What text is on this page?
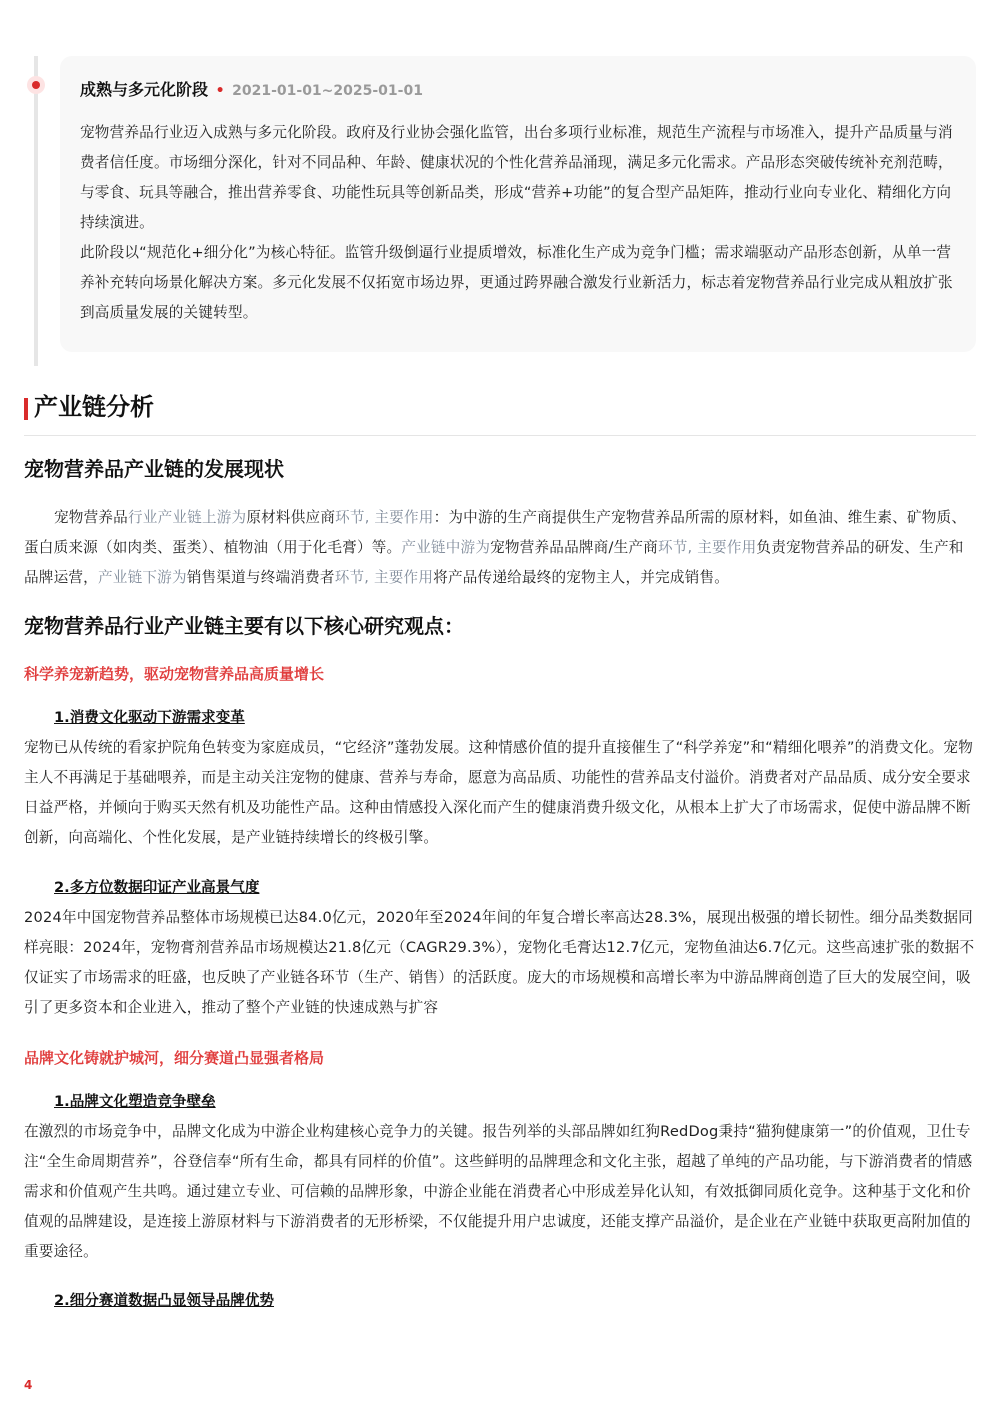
成熟与多元化阶段 • 2021-01-01~2025-01-01

宠物营养品行业迈入成熟与多元化阶段。政府及行业协会强化监管，出台多项行业标准，规范生产流程与市场准入，提升产品质量与消费者信任度。市场细分深化，针对不同品种、年龄、健康状况的个性化营养品涌现，满足多元化需求。产品形态突破传统补充剂范畴，与零食、玩具等融合，推出营养零食、功能性玩具等创新品类，形成“营养+功能”的复合型产品矩阵，推动行业向专业化、精细化方向持续演进。

此阶段以“规范化+细分化”为核心特征。监管升级倒逼行业提质增效，标准化生产成为竞争门槛；需求端驱动产品形态创新，从单一营养补充转向场景化解决方案。多元化发展不仅拓宽市场边界，更通过跨界融合激发行业新活力，标志着宠物营养品行业完成从粗放扩张到高质量发展的关键转型。

产业链分析
宠物营养品产业链的发展现状

宠物营养品行业产业链上游为原材料供应商环节, 主要作用：为中游的生产商提供生产宠物营养品所需的原材料，如鱼油、维生素、矿物质、蛋白质来源（如肉类、蛋类）、植物油（用于化毛膏）等。产业链中游为宠物营养品品牌商/生产商环节, 主要作用负责宠物营养品的研发、生产和品牌运营，产业链下游为销售渠道与终端消费者环节, 主要作用将产品传递给最终的宠物主人，并完成销售。

宠物营养品行业产业链主要有以下核心研究观点：
科学养宠新趋势，驱动宠物营养品高质量增长
1.消费文化驱动下游需求变革

宠物已从传统的看家护院角色转变为家庭成员，“它经济”蓬勃发展。这种情感价值的提升直接催生了“科学养宠”和“精细化喂养”的消费文化。宠物主人不再满足于基础喂养，而是主动关注宠物的健康、营养与寿命，愿意为高品质、功能性的营养品支付溢价。消费者对产品品质、成分安全要求日益严格，并倾向于购买天然有机及功能性产品。这种由情感投入深化而产生的健康消费升级文化，从根本上扩大了市场需求，促使中游品牌不断创新，向高端化、个性化发展，是产业链持续增长的终极引擎。

2.多方位数据印证产业高景气度

2024年中国宠物营养品整体市场规模已达84.0亿元，2020年至2024年间的年复合增长率高达28.3%，展现出极强的增长韧性。细分品类数据同样亮眼：2024年，宠物膏剂营养品市场规模达21.8亿元（CAGR29.3%），宠物化毛膏达12.7亿元，宠物鱼油达6.7亿元。这些高速扩张的数据不仅证实了市场需求的旺盛，也反映了产业链各环节（生产、销售）的活跃度。庞大的市场规模和高增长率为中游品牌商创造了巨大的发展空间，吸引了更多资本和企业进入，推动了整个产业链的快速成熟与扩容

品牌文化铸就护城河，细分赛道凸显强者格局
1.品牌文化塑造竞争壁垒

在激烈的市场竞争中，品牌文化成为中游企业构建核心竞争力的关键。报告列举的头部品牌如红狗RedDog秉持“猫狗健康第一”的价值观，卫仕专注“全生命周期营养”，谷登信奉“所有生命，都具有同样的价值”。这些鲜明的品牌理念和文化主张，超越了单纯的产品功能，与下游消费者的情感需求和价值观产生共鸣。通过建立专业、可信赖的品牌形象，中游企业能在消费者心中形成差异化认知，有效抵御同质化竞争。这种基于文化和价值观的品牌建设，是连接上游原材料与下游消费者的无形桥梁，不仅能提升用户忠诚度，还能支撑产品溢价，是企业在产业链中获取更高附加值的重要途径。

2.细分赛道数据凸显领导品牌优势
4
